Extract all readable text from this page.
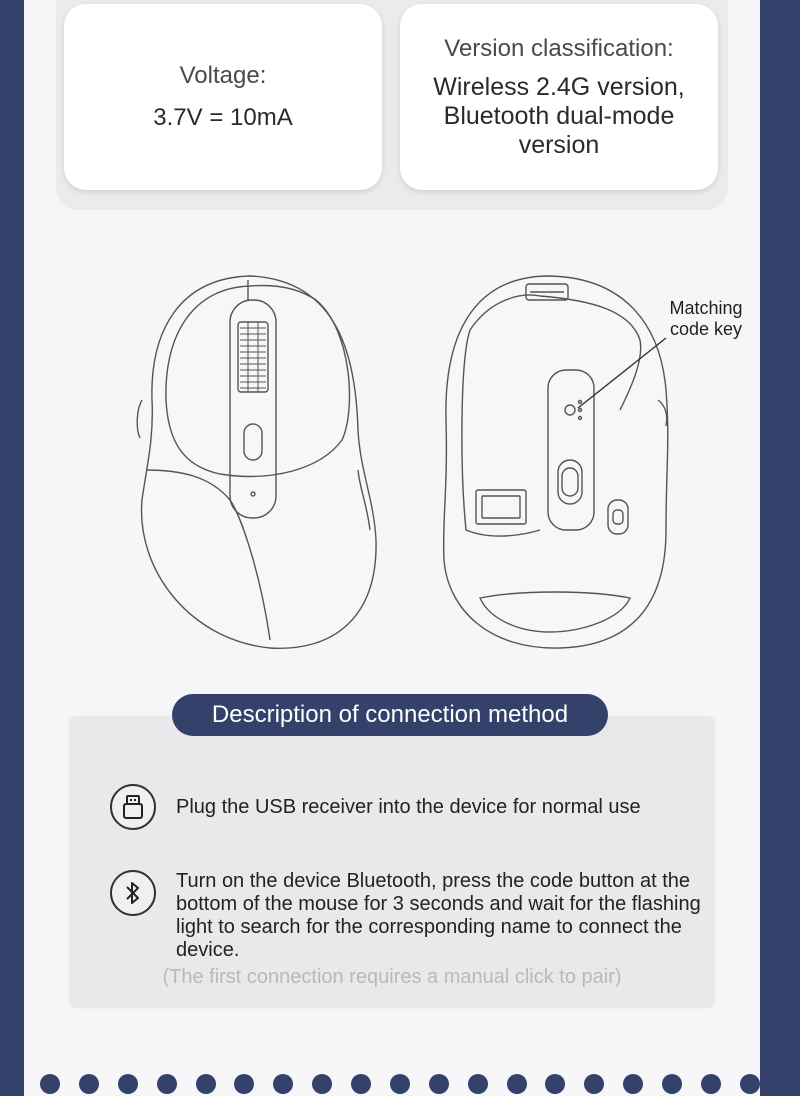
Voltage:
3.7V = 10mA
Version classification:
Wireless 2.4G version, Bluetooth dual-mode version
Matching code key
Description of connection method
Plug the USB receiver into the device for normal use
Turn on the device Bluetooth, press the code button at the bottom of the mouse for 3 seconds and wait for the flashing light to search for the corresponding name to connect the device.
(The first connection requires a manual click to pair)
